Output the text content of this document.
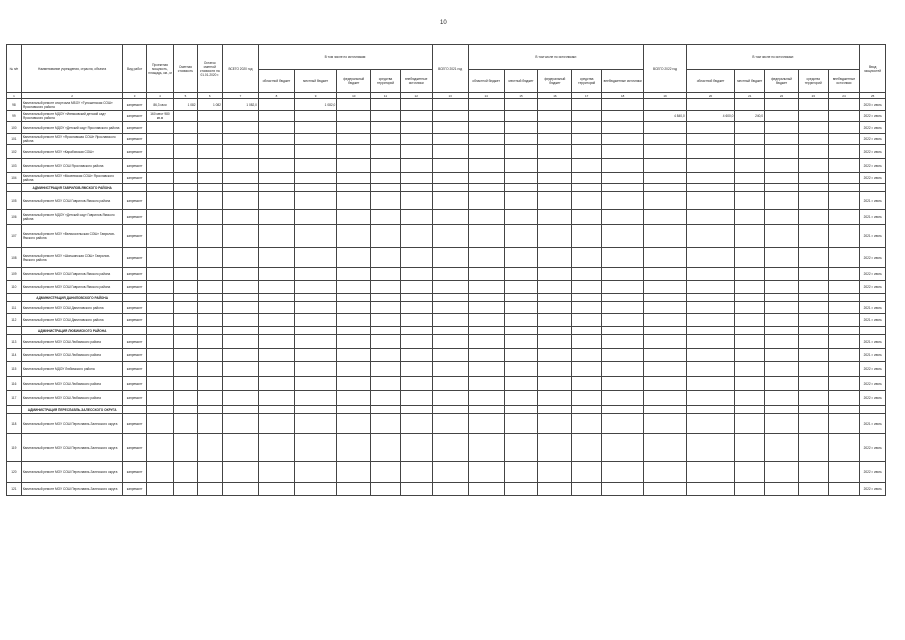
10
№ п/п	Наименование учреждения, отрасли, объекта	Вид работ	Проектная мощность, площадь, км., м	Сметная стоимость	Остаток сметной стоимости на 01.01.2020 г.	ВСЕГО 2020 год	В том числе по источникам:					ВСЕГО 2021 год	В том числе по источникам:					ВСЕГО 2022 год	В том числе по источникам:					Ввод мощностей
							областной бюджет	местный бюджет	федеральный бюджет	средства территорий	внебюджетные источники		областной бюджет	местный бюджет	федеральный бюджет	средства территорий	внебюджетные источники		областной бюджет	местный бюджет	федеральный бюджет	средства территорий	внебюджетные источники	
1	2	3	4	5	6	7	8	9	10	11	12	13	14	15	16	17	18	19	20	21	22	23	24	25
98	Капитальный ремонт спортзала МБОУ «Туношенская СОШ» Ярославского района	капремонт	86,3 кв.м	1 082	1 082	1 082,0		1 082,0																2020 г. июль
99	Капитальный ремонт МДОУ «Ивняковский детский сад» Ярославского района	капремонт	160 мест 980 кв.м															4 840,0	4 600,0	240,0				2022 г. июль
100	Капитальный ремонт МДОУ «Детский сад» Ярославского района	капремонт																						2022 г. июль
101	Капитальный ремонт МОУ «Ярославская СОШ» Ярославского района	капремонт																						2022 г. июль
102	Капитальный ремонт МОУ «Карабихская СОШ»	капремонт																						2022 г. июль
103	Капитальный ремонт МОУ СОШ Ярославского района	капремонт																						2022 г. июль
104	Капитальный ремонт МОУ «Мокеевская СОШ» Ярославского района	капремонт																						2022 г. июль
	АДМИНИСТРАЦИЯ ГАВРИЛОВ-ЯМСКОГО РАЙОНА																							
105	Капитальный ремонт МОУ СОШ Гаврилов-Ямского района	капремонт																						2021 г. июль
106	Капитальный ремонт МДОУ «Детский сад» Гаврилов-Ямского района	капремонт																						2021 г. июль
107	Капитальный ремонт МОУ «Великосельская СОШ» Гаврилов-Ямского района	капремонт																						2021 г. июль
108	Капитальный ремонт МОУ «Шопшинская СОШ» Гаврилов-Ямского района	капремонт																						2022 г. июль
109	Капитальный ремонт МОУ СОШ Гаврилов-Ямского района	капремонт																						2022 г. июль
110	Капитальный ремонт МОУ СОШ Гаврилов-Ямского района	капремонт																						2022 г. июль
	АДМИНИСТРАЦИЯ ДАНИЛОВСКОГО РАЙОНА																							
111	Капитальный ремонт МОУ СОШ Даниловского района	капремонт																						2021 г. июль
112	Капитальный ремонт МОУ СОШ Даниловского района	капремонт																						2021 г. июль
	АДМИНИСТРАЦИЯ ЛЮБИМСКОГО РАЙОНА																							
113	Капитальный ремонт МОУ СОШ Любимского района	капремонт																						2021 г. июль
114	Капитальный ремонт МОУ СОШ Любимского района	капремонт																						2021 г. июль
115	Капитальный ремонт МДОУ Любимского района	капремонт																						2022 г. июль
116	Капитальный ремонт МОУ СОШ Любимского района	капремонт																						2022 г. июль
117	Капитальный ремонт МОУ СОШ Любимского района	капремонт																						2022 г. июль
	АДМИНИСТРАЦИЯ ПЕРЕСЛАВЛЬ-ЗАЛЕССКОГО ОКРУГА																							
118	Капитальный ремонт МОУ СОШ Переславль-Залесского округа	капремонт																						2021 г. июль
119	Капитальный ремонт МОУ СОШ Переславль-Залесского округа	капремонт																						2022 г. июль
120	Капитальный ремонт МОУ СОШ Переславль-Залесского округа	капремонт																						2022 г. июль
121	Капитальный ремонт МОУ СОШ Переславль-Залесского округа	капремонт																						2022 г. июль
